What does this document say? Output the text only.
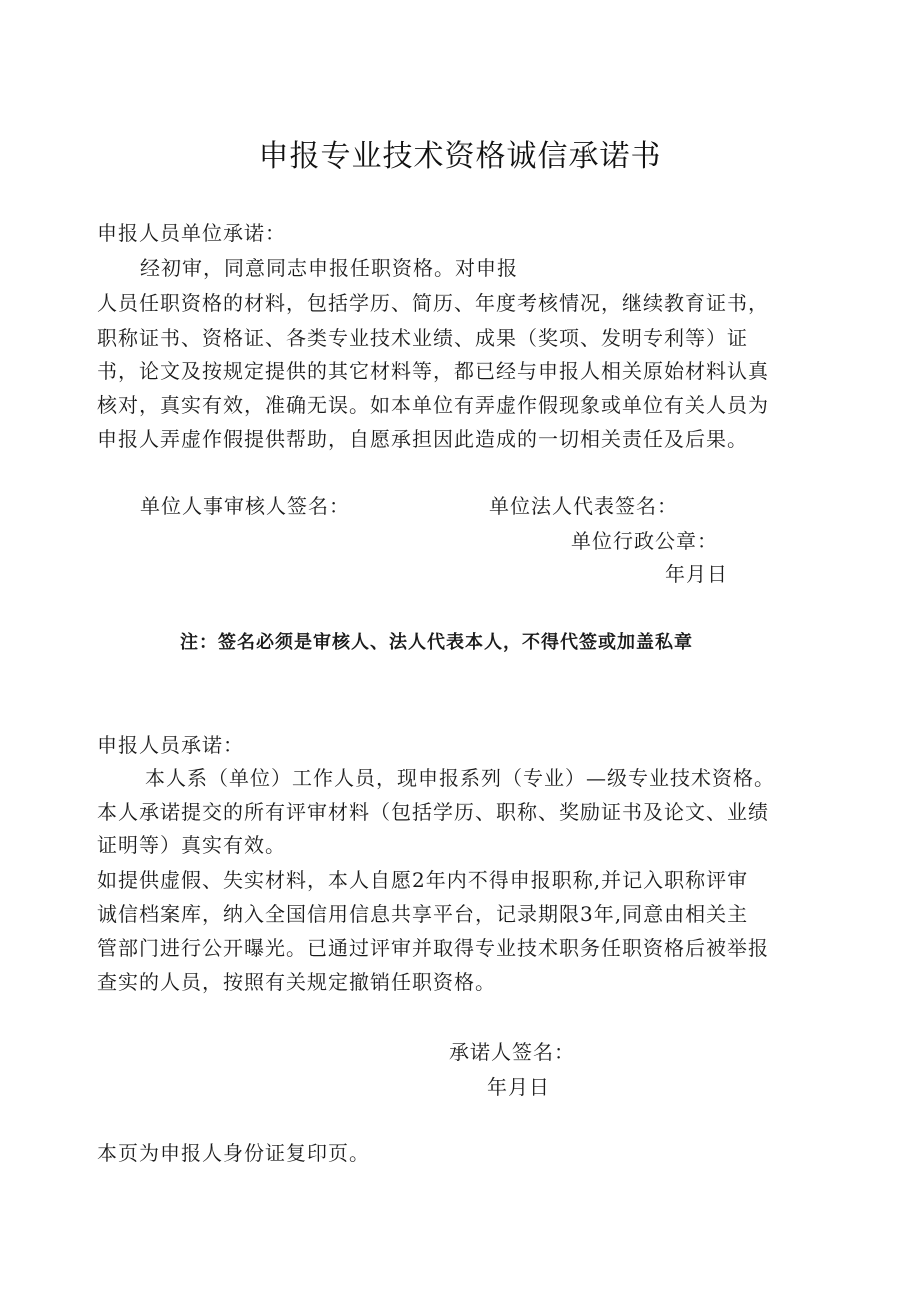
申报专业技术资格诚信承诺书
申报人员单位承诺：
经初审，同意同志申报任职资格。对申报
人员任职资格的材料，包括学历、简历、年度考核情况，继续教育证书，
职称证书、资格证、各类专业技术业绩、成果（奖项、发明专利等）证
书，论文及按规定提供的其它材料等，都已经与申报人相关原始材料认真
核对，真实有效，准确无误。如本单位有弄虚作假现象或单位有关人员为
申报人弄虚作假提供帮助，自愿承担因此造成的一切相关责任及后果。
单位人事审核人签名：	单位法人代表签名：
单位行政公章：
年月日
注：签名必须是审核人、法人代表本人，不得代签或加盖私章
申报人员承诺：
本人系（单位）工作人员，现申报系列（专业）—级专业技术资格。
本人承诺提交的所有评审材料（包括学历、职称、奖励证书及论文、业绩
证明等）真实有效。
如提供虚假、失实材料，本人自愿2年内不得申报职称,并记入职称评审
诚信档案库，纳入全国信用信息共享平台，记录期限3年,同意由相关主
管部门进行公开曝光。已通过评审并取得专业技术职务任职资格后被举报
查实的人员，按照有关规定撤销任职资格。
承诺人签名：
年月日
本页为申报人身份证复印页。
